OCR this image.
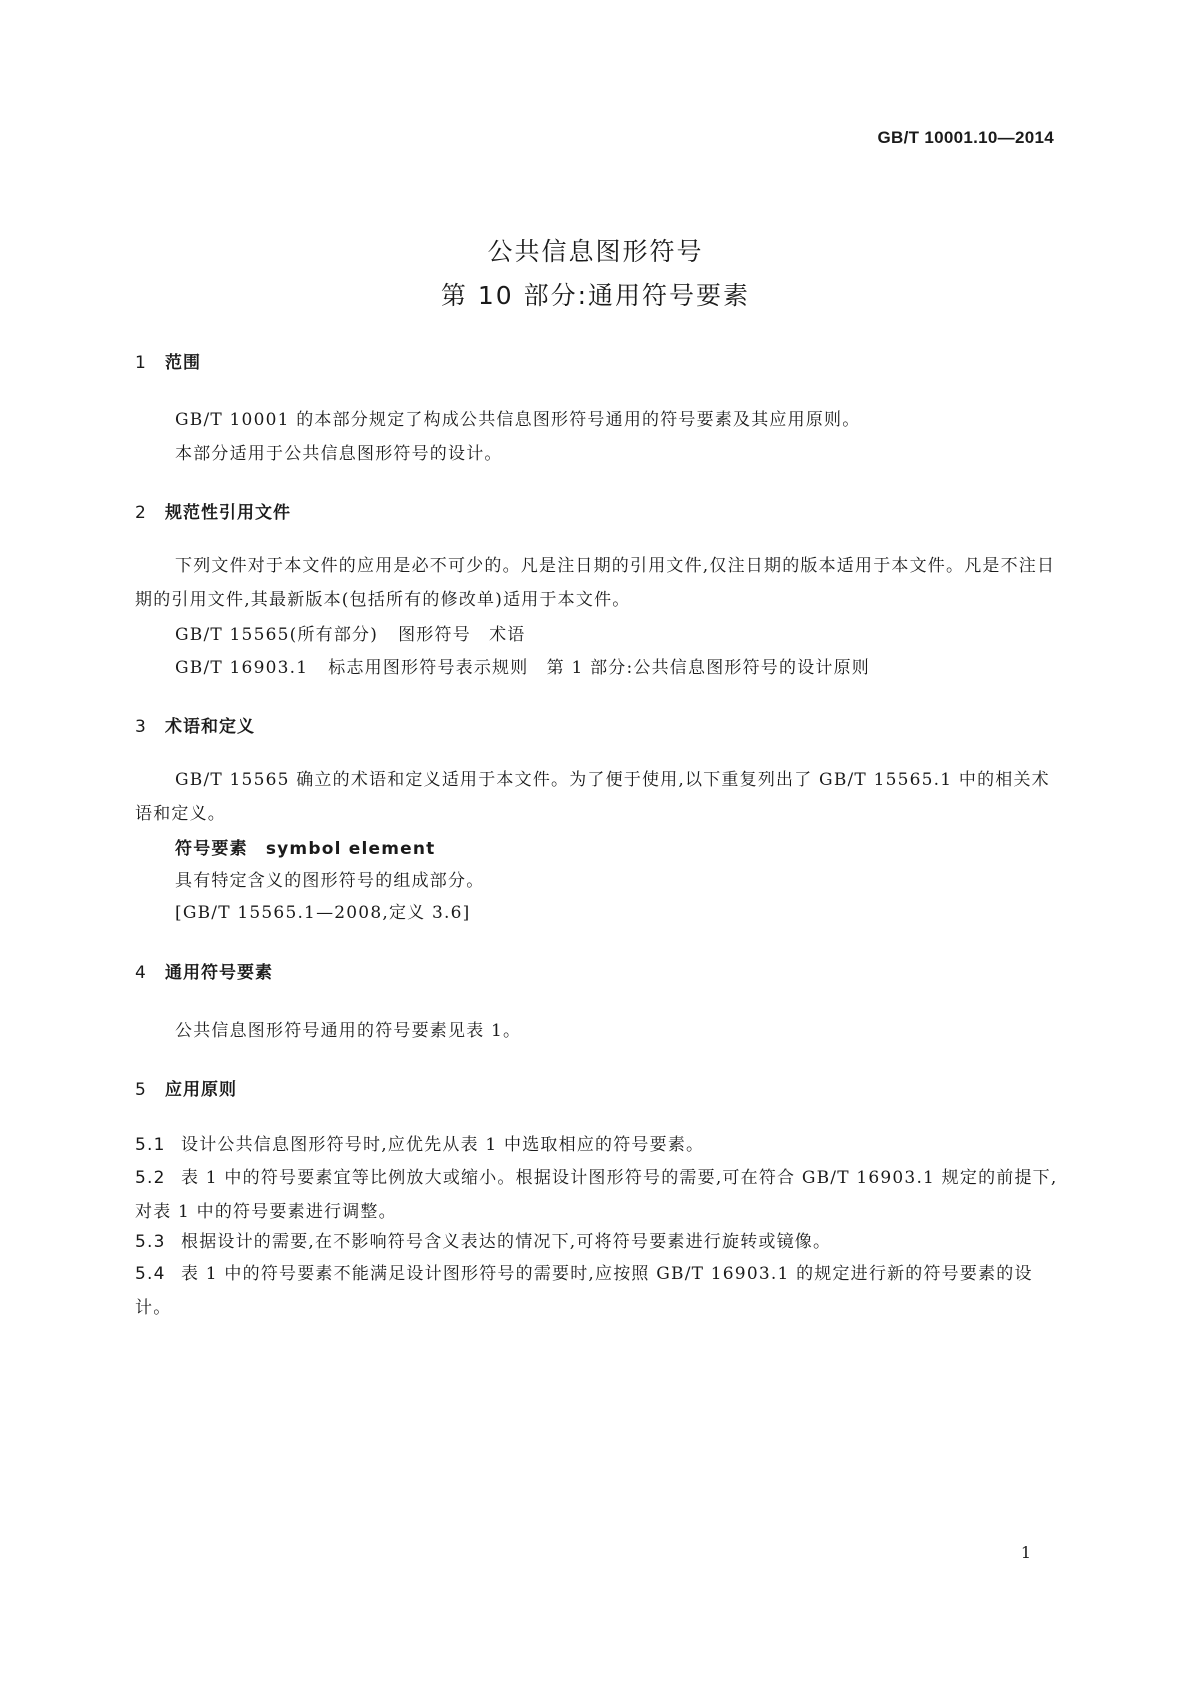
GB/T 10001.10—2014
公共信息图形符号
第 10 部分:通用符号要素
1 范围
GB/T 10001 的本部分规定了构成公共信息图形符号通用的符号要素及其应用原则。
本部分适用于公共信息图形符号的设计。
2 规范性引用文件
下列文件对于本文件的应用是必不可少的。凡是注日期的引用文件,仅注日期的版本适用于本文件。凡是不注日期的引用文件,其最新版本(包括所有的修改单)适用于本文件。
GB/T 15565(所有部分) 图形符号　术语
GB/T 16903.1 标志用图形符号表示规则　第 1 部分:公共信息图形符号的设计原则
3 术语和定义
GB/T 15565 确立的术语和定义适用于本文件。为了便于使用,以下重复列出了 GB/T 15565.1 中的相关术语和定义。
符号要素 symbol element
具有特定含义的图形符号的组成部分。
[GB/T 15565.1—2008,定义 3.6]
4 通用符号要素
公共信息图形符号通用的符号要素见表 1。
5 应用原则
5.1 设计公共信息图形符号时,应优先从表 1 中选取相应的符号要素。
5.2 表 1 中的符号要素宜等比例放大或缩小。根据设计图形符号的需要,可在符合 GB/T 16903.1 规定的前提下,对表 1 中的符号要素进行调整。
5.3 根据设计的需要,在不影响符号含义表达的情况下,可将符号要素进行旋转或镜像。
5.4 表 1 中的符号要素不能满足设计图形符号的需要时,应按照 GB/T 16903.1 的规定进行新的符号要素的设计。
1
